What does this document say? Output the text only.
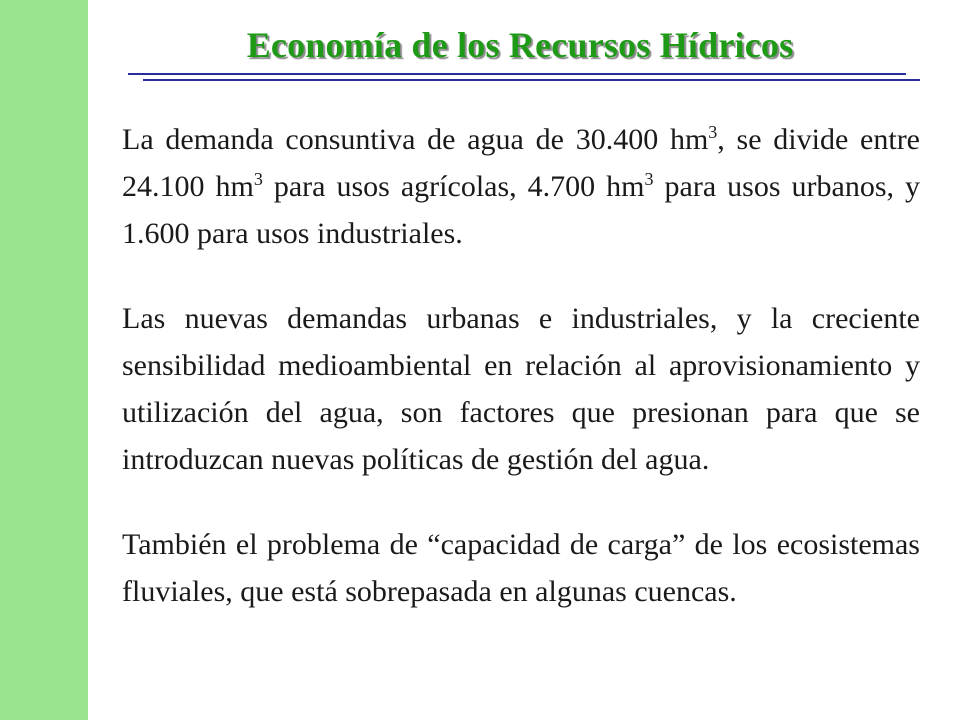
Economía de los Recursos Hídricos

La demanda consuntiva de agua de 30.400 $hm^3$, se divide entre 24.100 $hm^3$ para usos agrícolas, 4.700 $hm^3$ para usos urbanos, y 1.600 para usos industriales.

Las nuevas demandas urbanas e industriales, y la creciente sensibilidad medioambiental en relación al aprovisionamiento y utilización del agua, son factores que presionan para que se introduzcan nuevas políticas de gestión del agua.

También el problema de “capacidad de carga” de los ecosistemas fluviales, que está sobrepasada en algunas cuencas.
